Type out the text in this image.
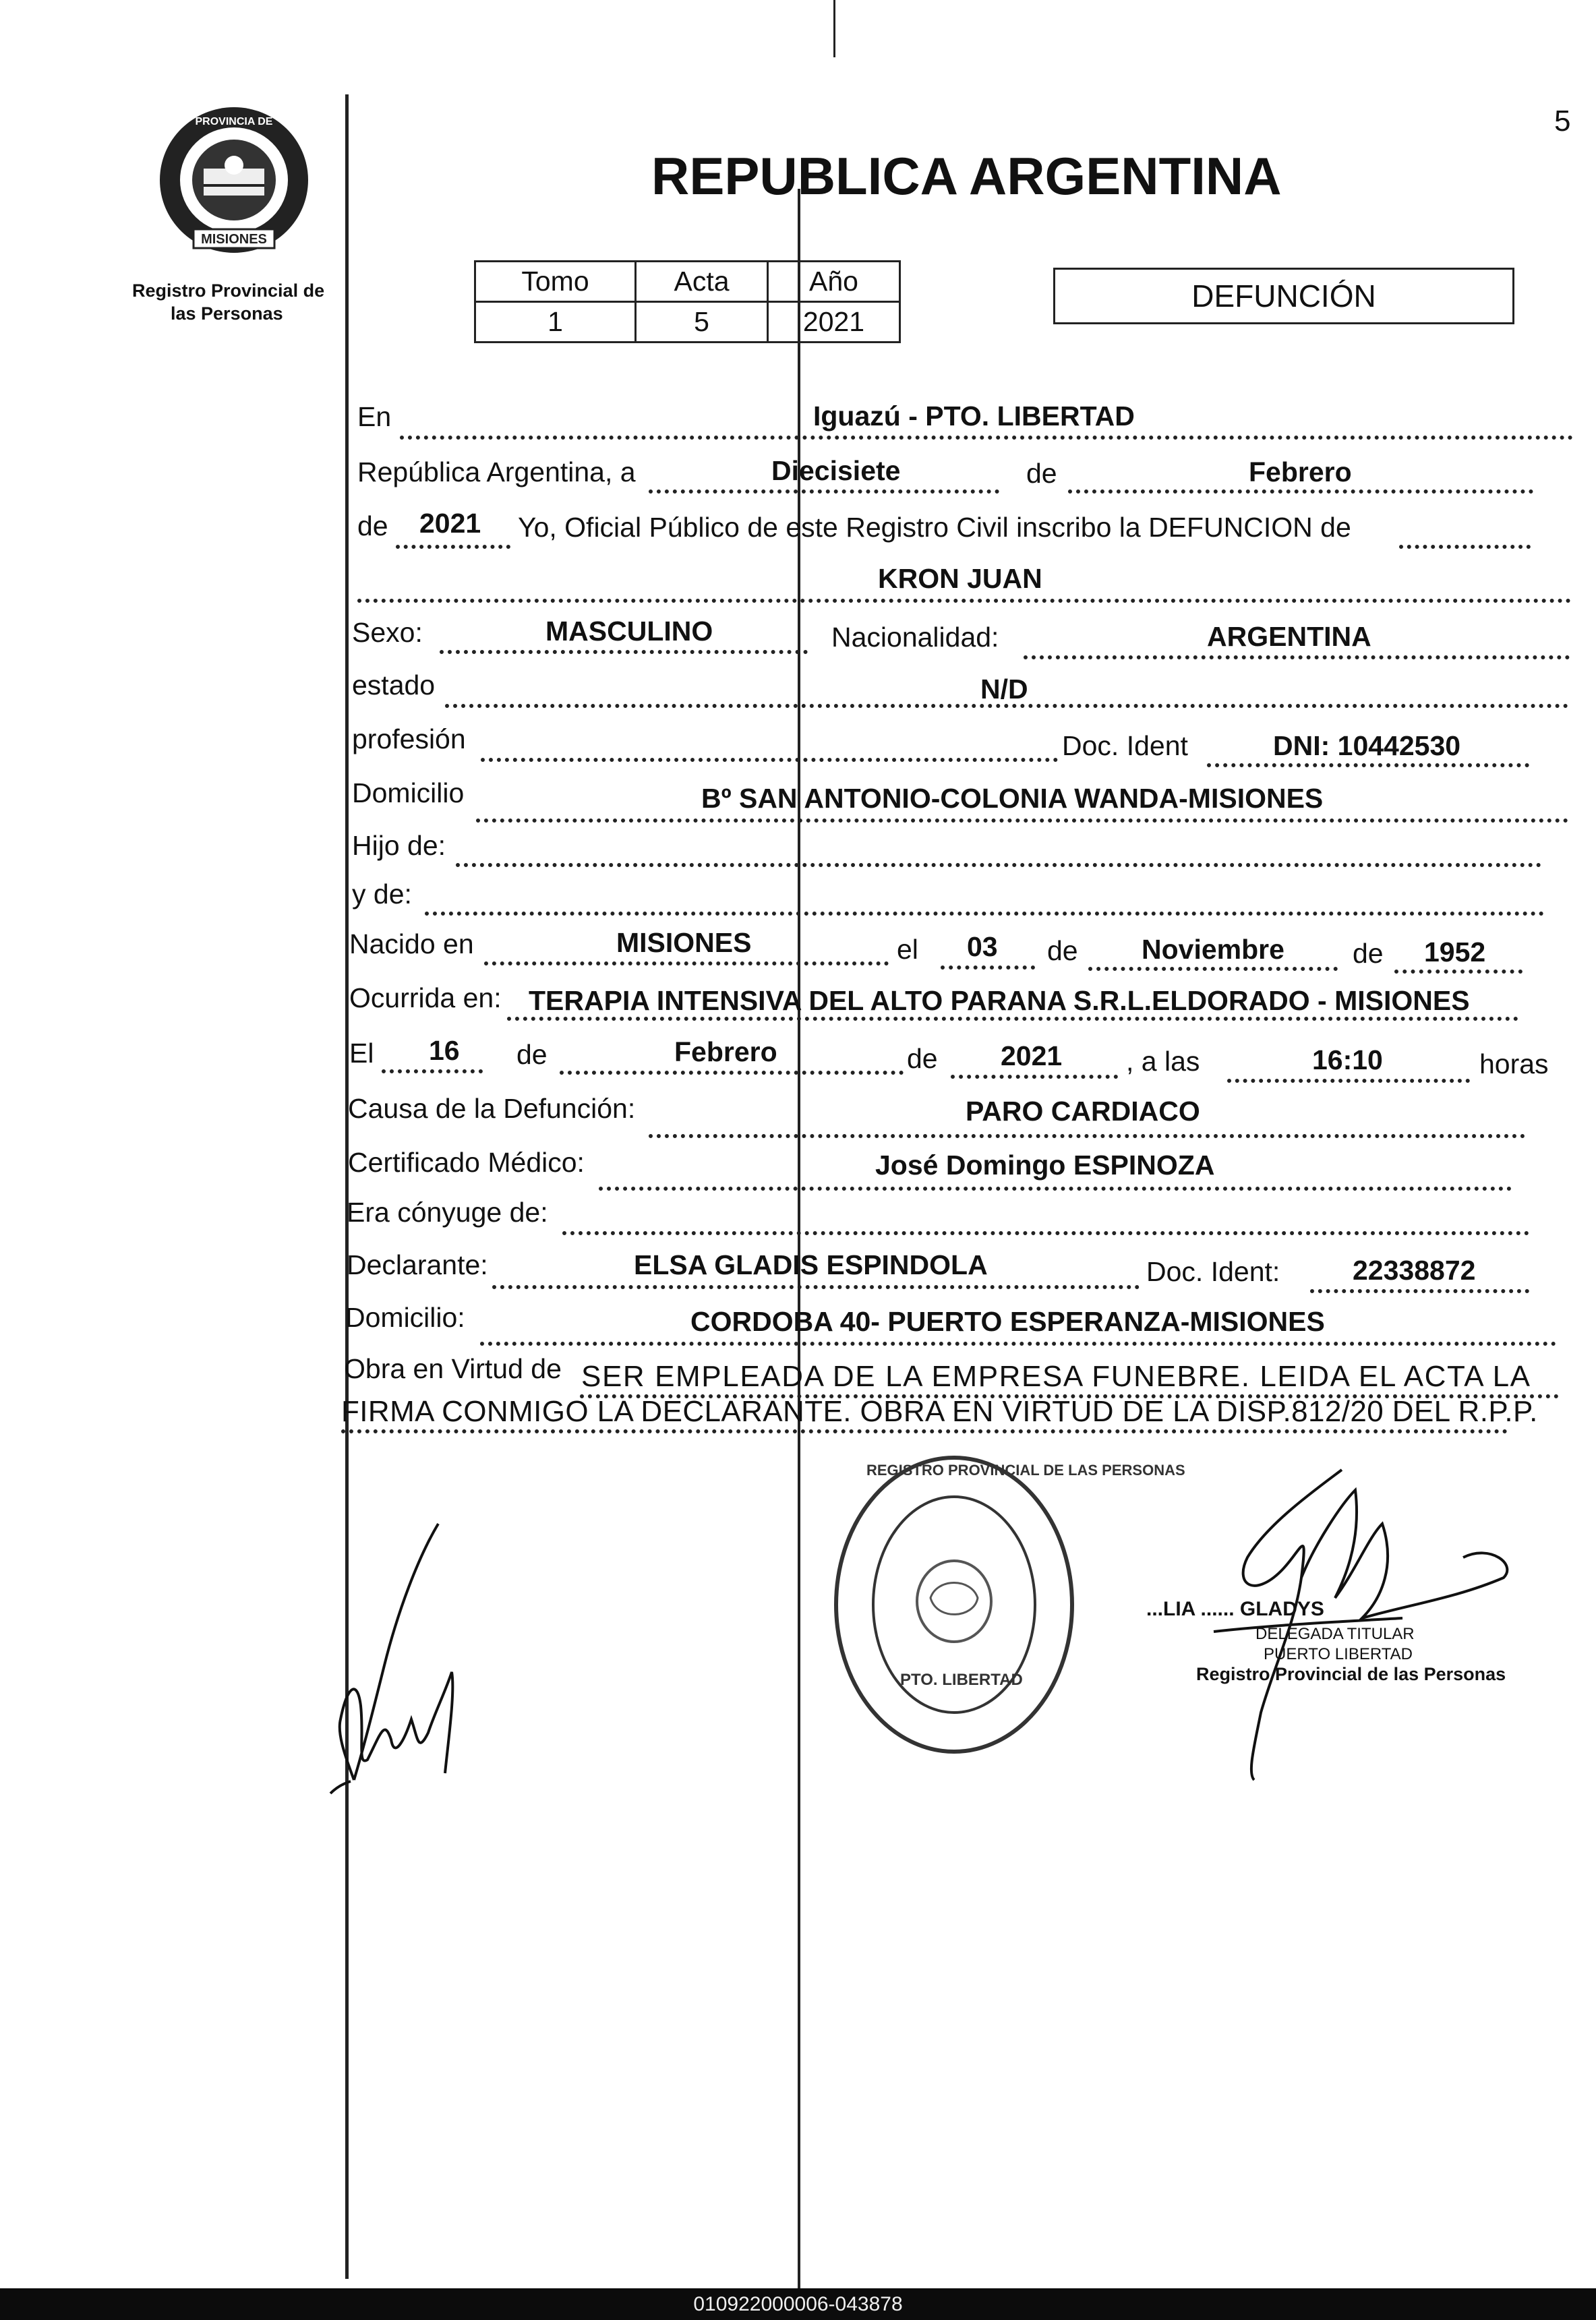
MISIONES
PROVINCIA DE
Registro Provincial de
las Personas
5
REPUBLICA ARGENTINA
Tomo	Acta	Año
1	5	2021
DEFUNCIÓN
En	Iguazú - PTO. LIBERTAD
República Argentina, a	Diecisiete	de	Febrero
de 2021 Yo, Oficial Público de este Registro Civil inscribo la DEFUNCION de
KRON JUAN
Sexo:	MASCULINO	Nacionalidad:	ARGENTINA
estado	N/D
profesión	Doc. Ident	DNI: 10442530
Domicilio	Bº SAN ANTONIO-COLONIA WANDA-MISIONES
Hijo de:
y de:
Nacido en	MISIONES	el 03 de Noviembre de 1952
Ocurrida en: TERAPIA INTENSIVA DEL ALTO PARANA S.R.L.ELDORADO - MISIONES
El 16 de	Febrero	de 2021 , a las	16:10	horas
Causa de la Defunción:	PARO CARDIACO
Certificado Médico:	José Domingo ESPINOZA
Era cónyuge de:
Declarante:	ELSA GLADIS ESPINDOLA	Doc. Ident:	22338872
Domicilio:	CORDOBA 40- PUERTO ESPERANZA-MISIONES
Obra en Virtud de SER EMPLEADA DE LA EMPRESA FUNEBRE. LEIDA EL ACTA LA
FIRMA CONMIGO LA DECLARANTE. OBRA EN VIRTUD DE LA DISP.812/20 DEL R.P.P.
REGISTRO PROVINCIAL DE LAS PERSONAS
PTO. LIBERTAD
...LIA ...... GLADYS
DELEGADA TITULAR
PUERTO LIBERTAD
Registro Provincial de las Personas
010922000006-043878
